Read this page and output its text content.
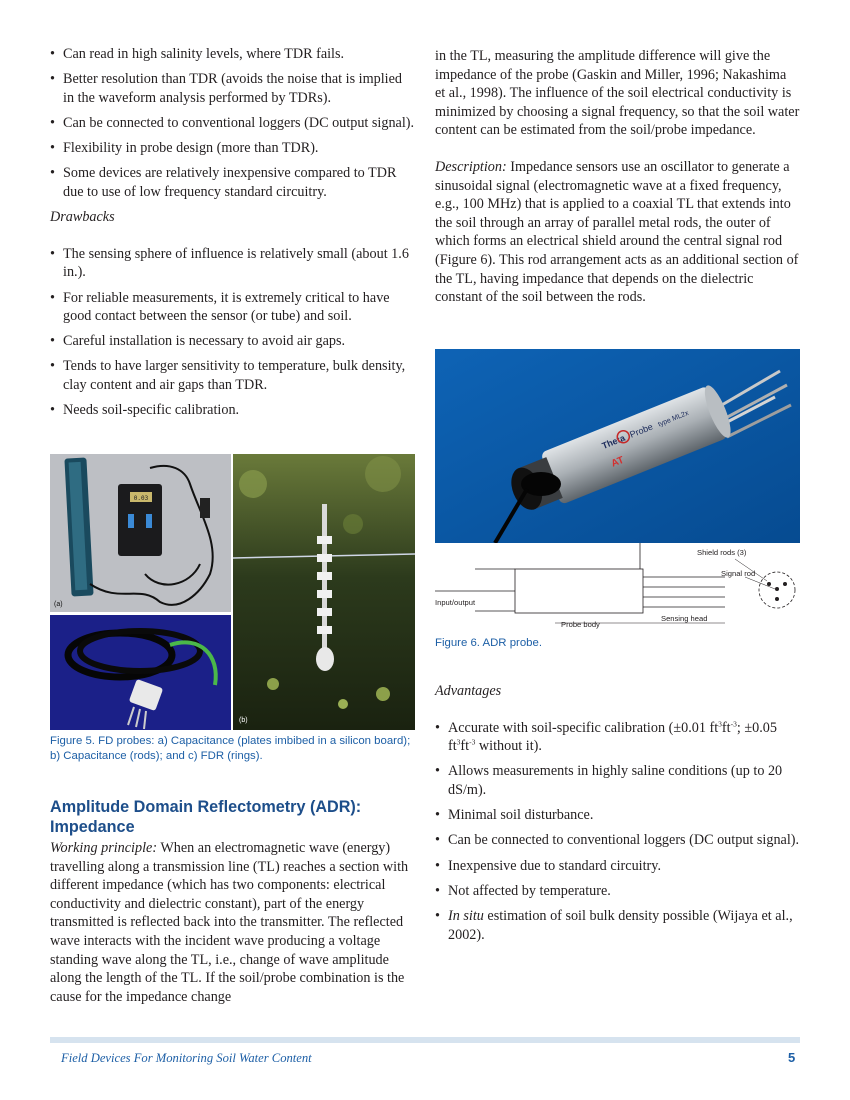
• Can read in high salinity levels, where TDR fails.
• Better resolution than TDR (avoids the noise that is implied in the waveform analysis performed by TDRs).
• Can be connected to conventional loggers (DC output signal).
• Flexibility in probe design (more than TDR).
• Some devices are relatively inexpensive compared to TDR due to use of low frequency standard circuitry.
Drawbacks
• The sensing sphere of influence is relatively small (about 1.6 in.).
• For reliable measurements, it is extremely critical to have good contact between the sensor (or tube) and soil.
• Careful installation is necessary to avoid air gaps.
• Tends to have larger sensitivity to temperature, bulk density, clay content and air gaps than TDR.
• Needs soil-specific calibration.
0.03
(a)
(b)
Figure 5. FD probes: a) Capacitance (plates imbibed in a silicon board); b) Capacitance (rods); and c) FDR (rings).
Amplitude Domain Reflectometry (ADR): Impedance

Working principle: When an electromagnetic wave (energy) travelling along a transmission line (TL) reaches a section with different impedance (which has two components: electrical conductivity and dielectric constant), part of the energy transmitted is reflected back into the transmitter. The reflected wave interacts with the incident wave producing a voltage standing wave along the TL, i.e., change of wave amplitude along the length of the TL. If the soil/probe combination is the cause for the impedance change

in the TL, measuring the amplitude difference will give the impedance of the probe (Gaskin and Miller, 1996; Nakashima et al., 1998). The influence of the soil electrical conductivity is minimized by choosing a signal frequency, so that the soil water content can be estimated from the soil/probe impedance.

Description: Impedance sensors use an oscillator to generate a sinusoidal signal (electromagnetic wave at a fixed frequency, e.g., 100 MHz) that is applied to a coaxial TL that extends into the soil through an array of parallel metal rods, the outer of which forms an electrical shield around the central signal rod (Figure 6). This rod arrangement acts as an additional section of the TL, having impedance that depends on the dielectric constant of the soil between the rods.

Theta
Probe
type ML2x
AT
Input/output
Probe body
Sensing head
Shield rods (3)
Signal rod
Figure 6. ADR probe.
Advantages
• Accurate with soil-specific calibration (±0.01 $ft^3ft^{-3}$; ±0.05 $ft^3ft^{-3}$ without it).
• Allows measurements in highly saline conditions (up to 20 dS/m).
• Minimal soil disturbance.
• Can be connected to conventional loggers (DC output signal).
• Inexpensive due to standard circuitry.
• Not affected by temperature.
• In situ estimation of soil bulk density possible (Wijaya et al., 2002).
Field Devices For Monitoring Soil Water Content	5
